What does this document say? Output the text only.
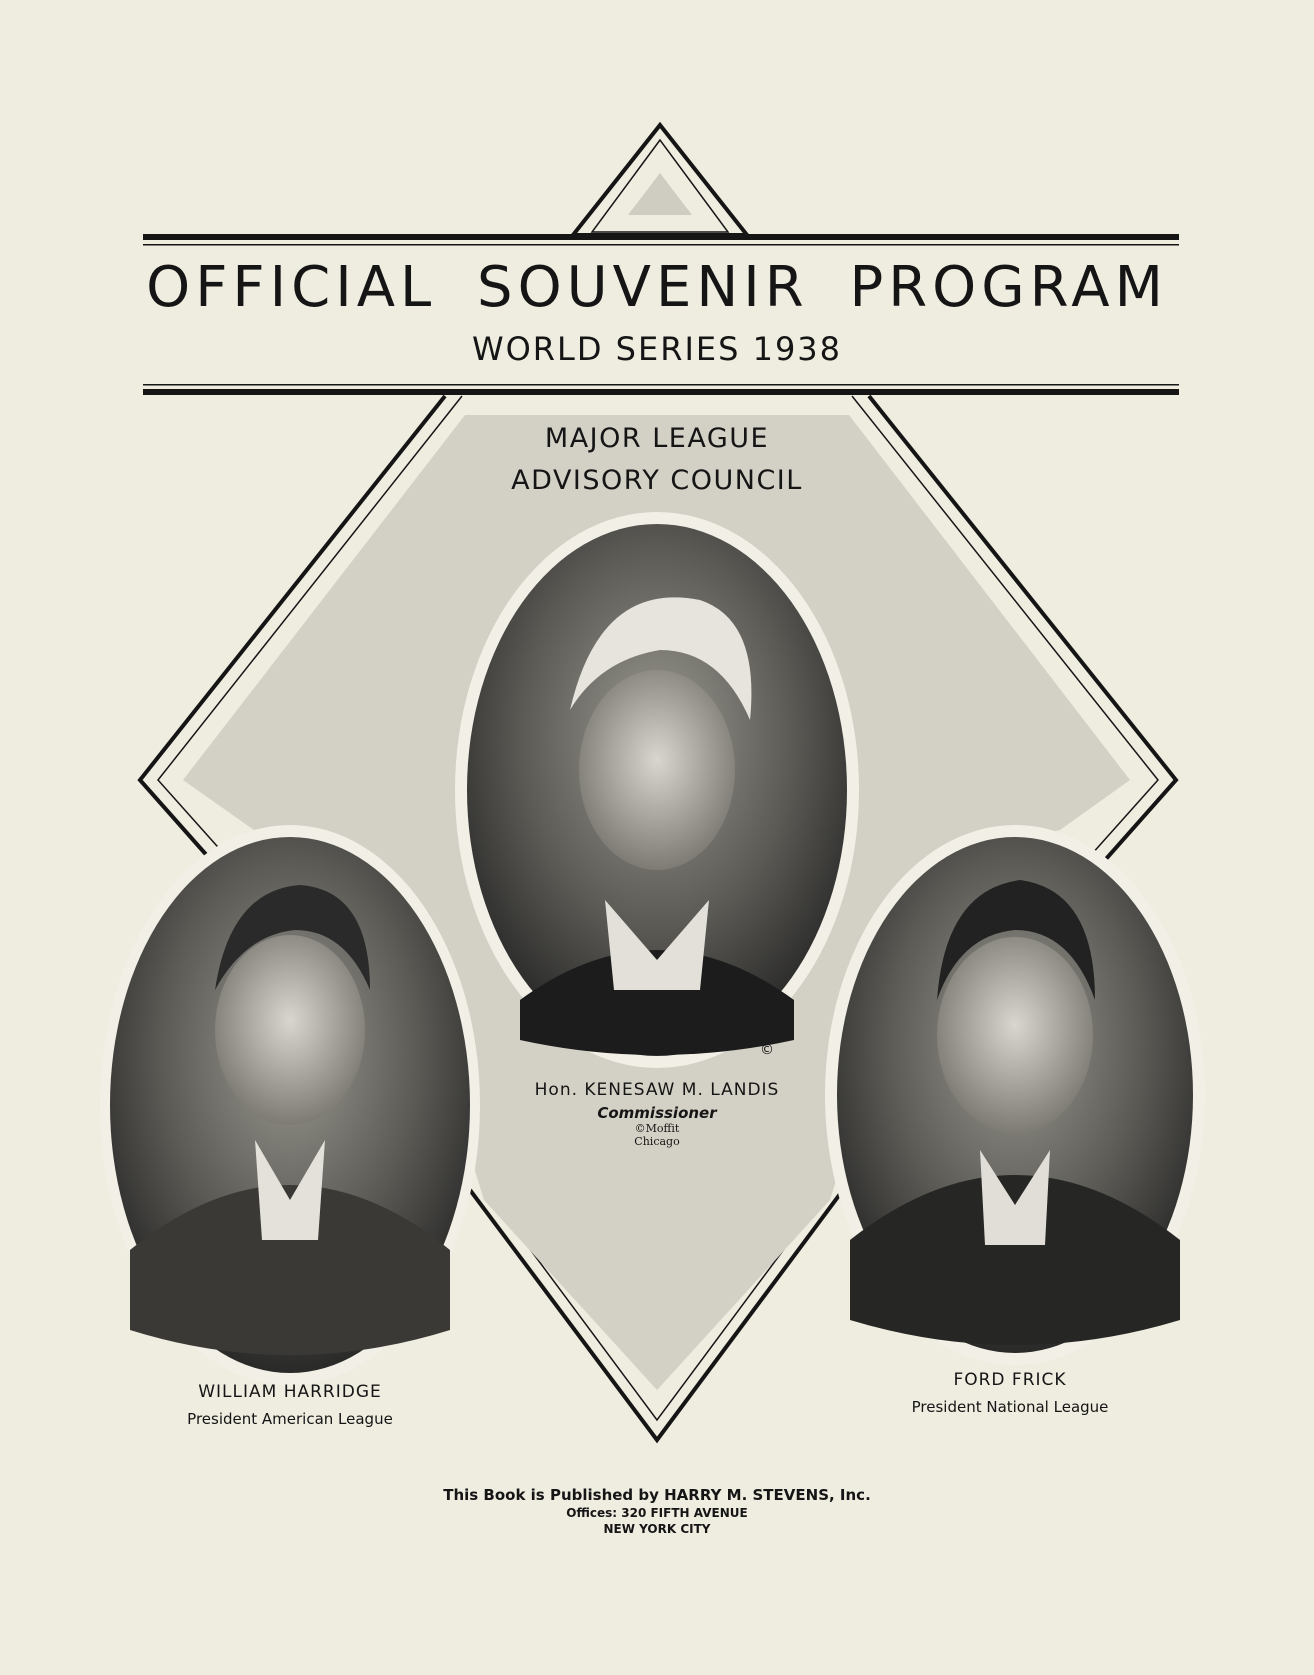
OFFICIAL SOUVENIR PROGRAM
WORLD SERIES 1938
MAJOR LEAGUE
ADVISORY COUNCIL
©
Hon. KENESAW M. LANDIS
Commissioner
©Moffit
Chicago
WILLIAM HARRIDGE
President American League
FORD FRICK
President National League
This Book is Published by HARRY M. STEVENS, Inc.
Offices: 320 FIFTH AVENUE
NEW YORK CITY
